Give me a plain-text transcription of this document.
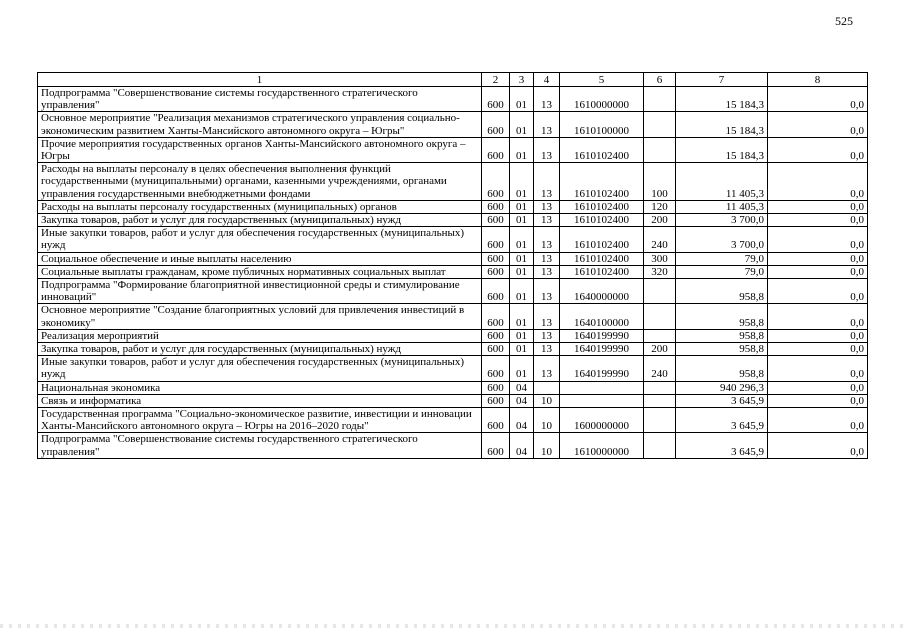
525
1	2	3	4	5	6	7	8
Подпрограмма "Совершенствование системы государственного стратегического управления"	600	01	13	1610000000		15 184,3	0,0
Основное мероприятие "Реализация механизмов стратегического управления социально-экономическим развитием Ханты-Мансийского автономного округа – Югры"	600	01	13	1610100000		15 184,3	0,0
Прочие мероприятия государственных органов Ханты-Мансийского автономного округа – Югры	600	01	13	1610102400		15 184,3	0,0
Расходы на выплаты персоналу в целях обеспечения выполнения функций государственными (муниципальными) органами, казенными учреждениями, органами управления государственными внебюджетными фондами	600	01	13	1610102400	100	11 405,3	0,0
Расходы на выплаты персоналу государственных (муниципальных) органов	600	01	13	1610102400	120	11 405,3	0,0
Закупка товаров, работ и услуг для государственных (муниципальных) нужд	600	01	13	1610102400	200	3 700,0	0,0
Иные закупки товаров, работ и услуг для обеспечения государственных (муниципальных) нужд	600	01	13	1610102400	240	3 700,0	0,0
Социальное обеспечение и иные выплаты населению	600	01	13	1610102400	300	79,0	0,0
Социальные выплаты гражданам, кроме публичных нормативных социальных выплат	600	01	13	1610102400	320	79,0	0,0
Подпрограмма "Формирование благоприятной инвестиционной среды и стимулирование инноваций"	600	01	13	1640000000		958,8	0,0
Основное мероприятие "Создание благоприятных условий для привлечения инвестиций в экономику"	600	01	13	1640100000		958,8	0,0
Реализация мероприятий	600	01	13	1640199990		958,8	0,0
Закупка товаров, работ и услуг для государственных (муниципальных) нужд	600	01	13	1640199990	200	958,8	0,0
Иные закупки товаров, работ и услуг для обеспечения государственных (муниципальных) нужд	600	01	13	1640199990	240	958,8	0,0
Национальная экономика	600	04				940 296,3	0,0
Связь и информатика	600	04	10			3 645,9	0,0
Государственная программа "Социально-экономическое развитие, инвестиции и инновации Ханты-Мансийского автономного округа – Югры на 2016–2020 годы"	600	04	10	1600000000		3 645,9	0,0
Подпрограмма "Совершенствование системы государственного стратегического управления"	600	04	10	1610000000		3 645,9	0,0
